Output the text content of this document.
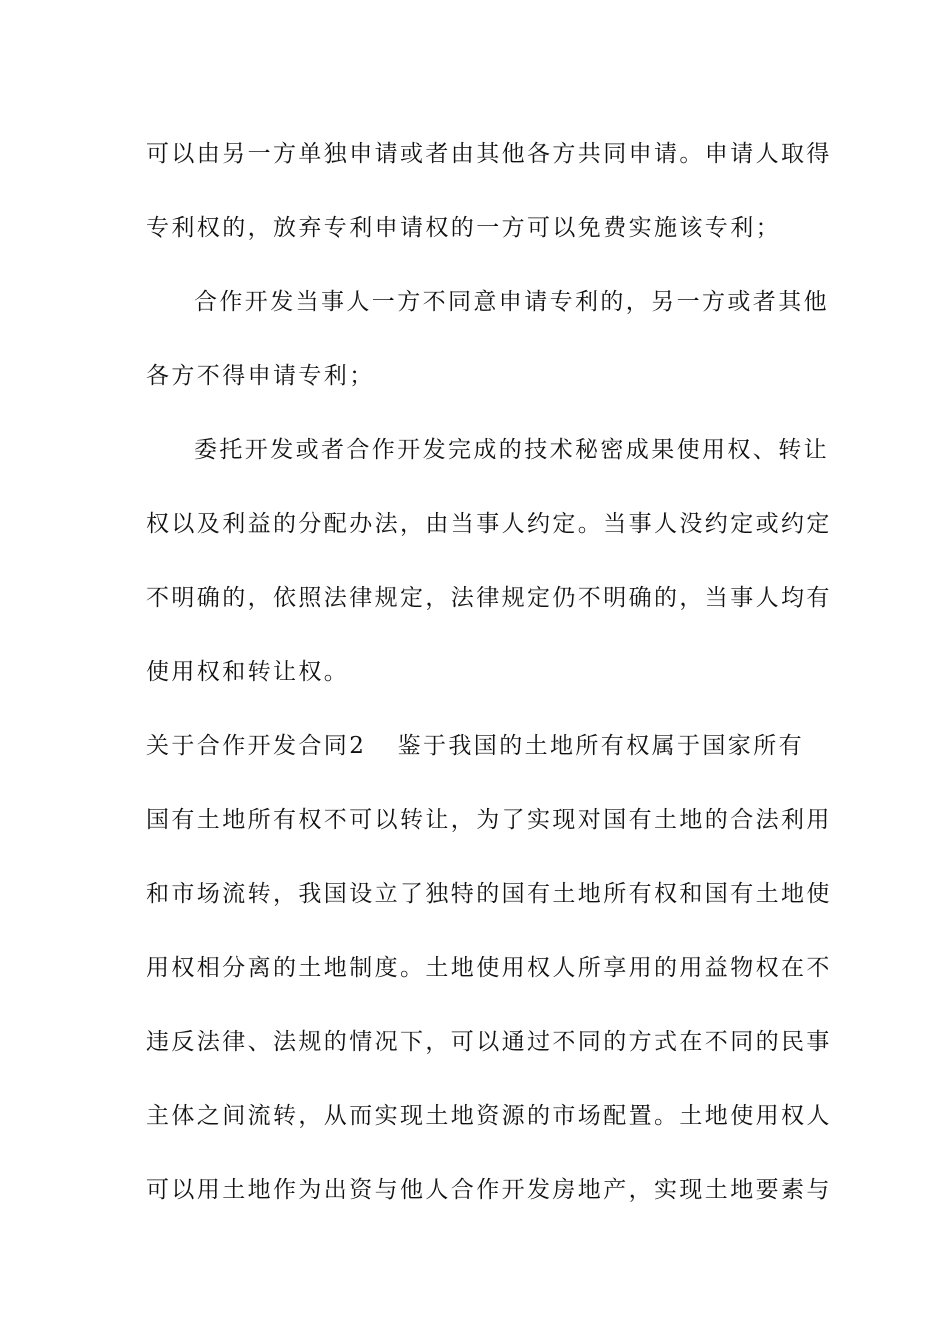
可以由另一方单独申请或者由其他各方共同申请。申请人取得
专利权的，放弃专利申请权的一方可以免费实施该专利；
合作开发当事人一方不同意申请专利的，另一方或者其他
各方不得申请专利；
委托开发或者合作开发完成的技术秘密成果使用权、转让
权以及利益的分配办法，由当事人约定。当事人没约定或约定
不明确的，依照法律规定，法律规定仍不明确的，当事人均有
使用权和转让权。
关于合作开发合同2 鉴于我国的土地所有权属于国家所有
国有土地所有权不可以转让，为了实现对国有土地的合法利用
和市场流转，我国设立了独特的国有土地所有权和国有土地使
用权相分离的土地制度。土地使用权人所享用的用益物权在不
违反法律、法规的情况下，可以通过不同的方式在不同的民事
主体之间流转，从而实现土地资源的市场配置。土地使用权人
可以用土地作为出资与他人合作开发房地产，实现土地要素与
